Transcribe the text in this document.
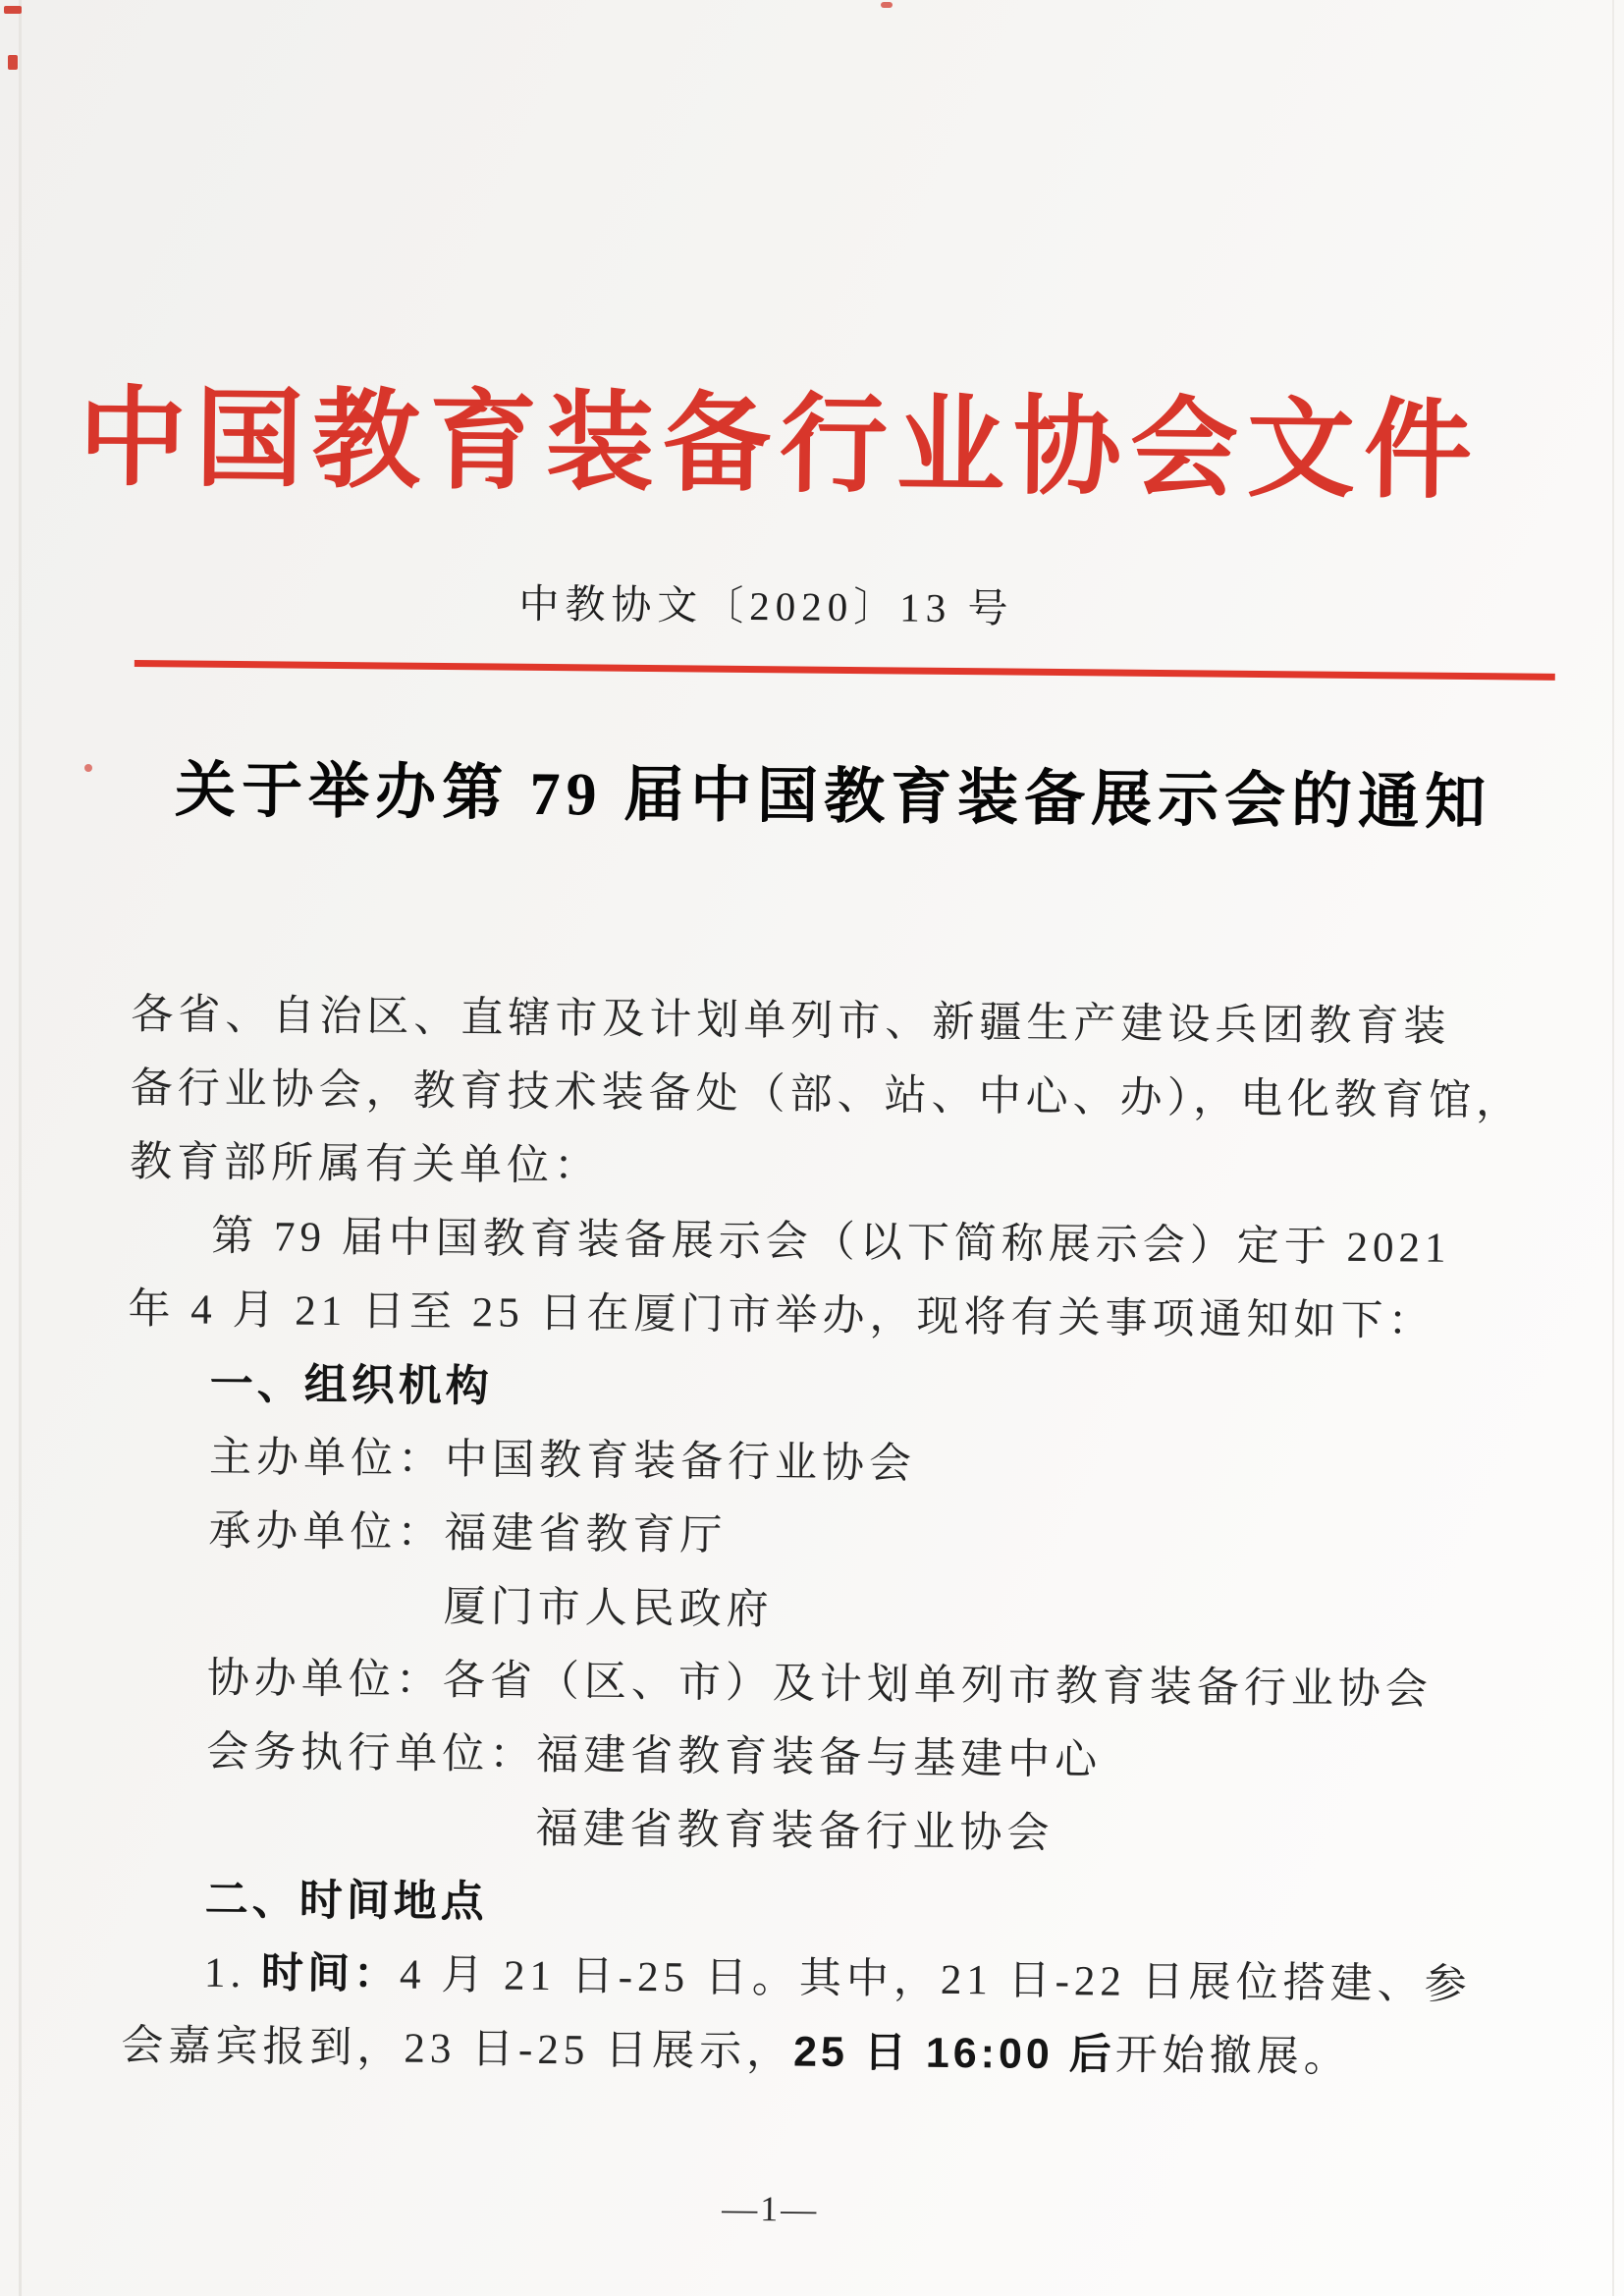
中国教育装备行业协会文件
中教协文〔2020〕13 号
关于举办第 79 届中国教育装备展示会的通知
各省、自治区、直辖市及计划单列市、新疆生产建设兵团教育装
备行业协会，教育技术装备处（部、站、中心、办），电化教育馆，
教育部所属有关单位：
第 79 届中国教育装备展示会（以下简称展示会）定于 2021
年 4 月 21 日至 25 日在厦门市举办，现将有关事项通知如下：
一、组织机构
主办单位：中国教育装备行业协会
承办单位：福建省教育厅
厦门市人民政府
协办单位：各省（区、市）及计划单列市教育装备行业协会
会务执行单位：福建省教育装备与基建中心
福建省教育装备行业协会
二、时间地点
1. 时间：4 月 21 日-25 日。其中，21 日-22 日展位搭建、参
会嘉宾报到，23 日-25 日展示，25 日 16:00 后开始撤展。
—1—
